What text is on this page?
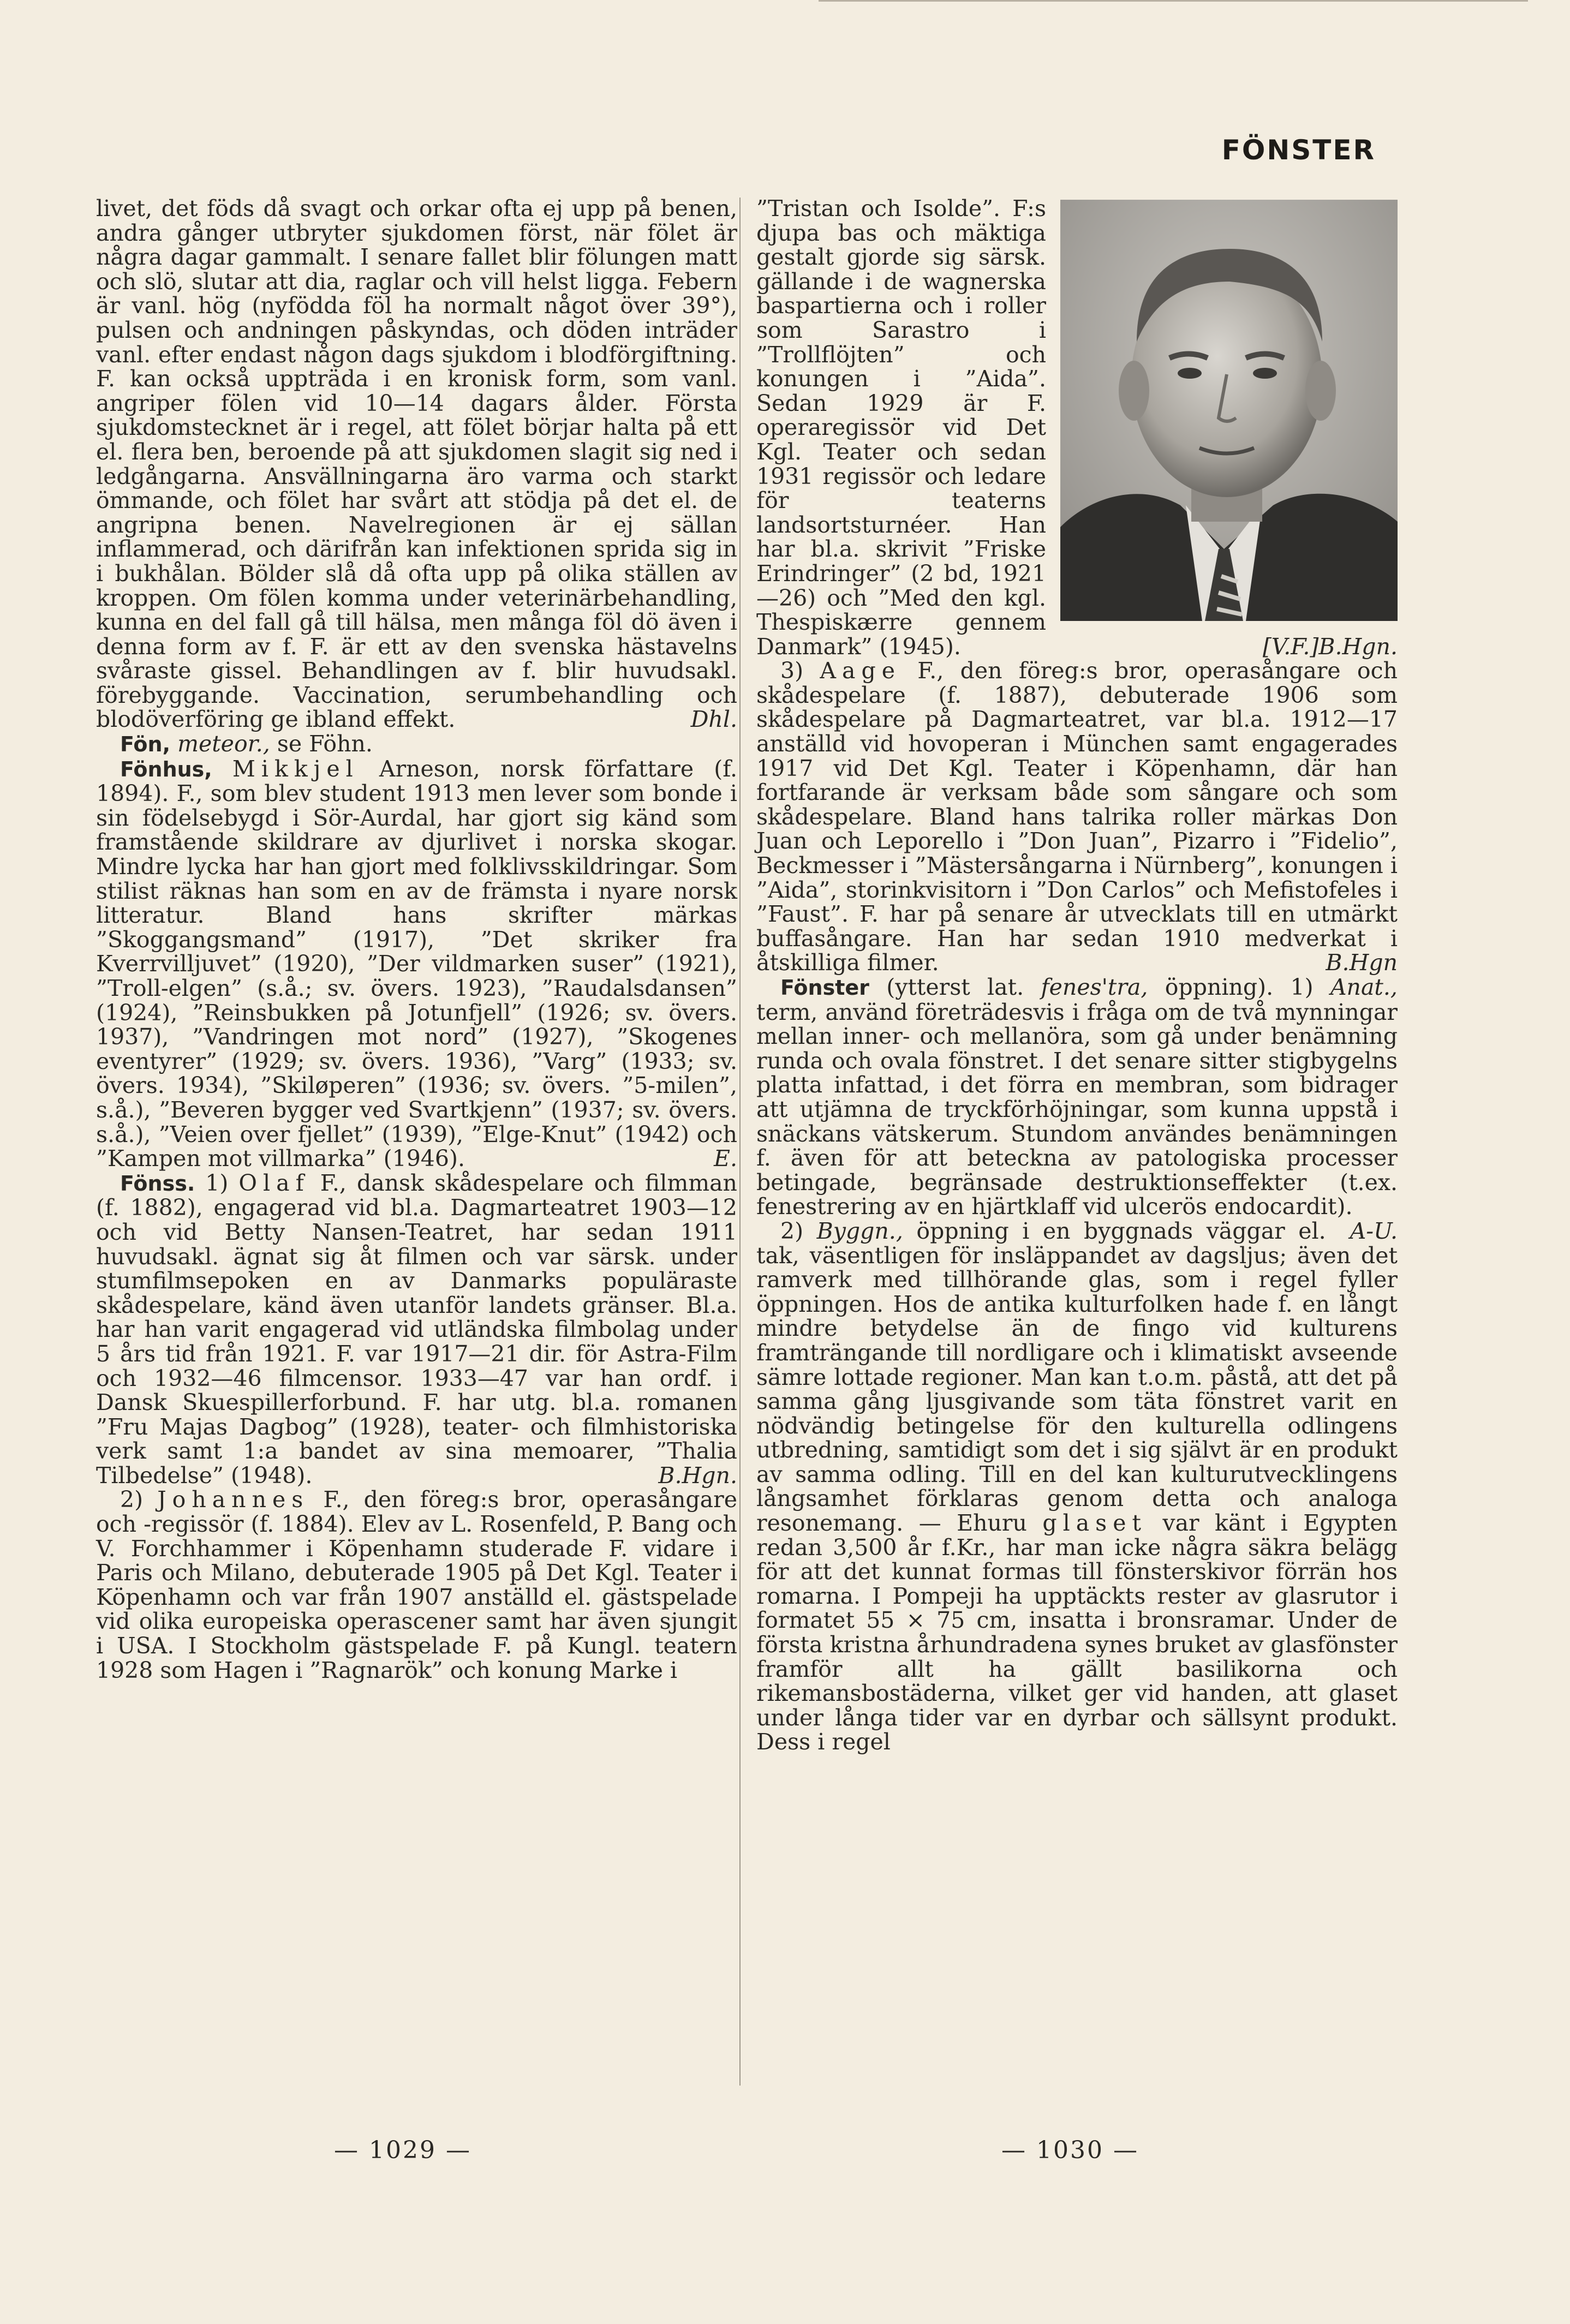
FÖNSTER

livet, det föds då svagt och orkar ofta ej upp på benen, andra gånger utbryter sjukdomen först, när fölet är några dagar gammalt. I senare fallet blir fölungen matt och slö, slutar att dia, raglar och vill helst ligga. Febern är vanl. hög (nyfödda föl ha normalt något över 39°), pulsen och andningen påskyndas, och döden inträder vanl. efter endast någon dags sjukdom i blodförgiftning. F. kan också uppträda i en kronisk form, som vanl. angriper fölen vid 10—14 dagars ålder. Första sjukdomstecknet är i regel, att fölet börjar halta på ett el. flera ben, beroende på att sjukdomen slagit sig ned i ledgångarna. Ansvällningarna äro varma och starkt ömmande, och fölet har svårt att stödja på det el. de angripna benen. Navelregionen är ej sällan inflammerad, och därifrån kan infektionen sprida sig in i bukhålan. Bölder slå då ofta upp på olika ställen av kroppen. Om fölen komma under veterinärbehandling, kunna en del fall gå till hälsa, men många föl dö även i denna form av f. F. är ett av den svenska hästavelns svåraste gissel. Behandlingen av f. blir huvudsakl. förebyggande. Vaccination, serumbehandling och blodöverföring ge ibland effekt.	Dhl.

Fön, meteor., se Föhn.

Fönhus, Mikkjel Arneson, norsk författare (f. 1894). F., som blev student 1913 men lever som bonde i sin födelsebygd i Sör-Aurdal, har gjort sig känd som framstående skildrare av djurlivet i norska skogar. Mindre lycka har han gjort med folklivsskildringar. Som stilist räknas han som en av de främsta i nyare norsk litteratur. Bland hans skrifter märkas ”Skoggangsmand” (1917), ”Det skriker fra Kverrvilljuvet” (1920), ”Der vildmarken suser” (1921), ”Troll-elgen” (s.å.; sv. övers. 1923), ”Raudalsdansen” (1924), ”Reinsbukken på Jotunfjell” (1926; sv. övers. 1937), ”Vandringen mot nord” (1927), ”Skogenes eventyrer” (1929; sv. övers. 1936), ”Varg” (1933; sv. övers. 1934), ”Skiløperen” (1936; sv. övers. ”5-milen”, s.å.), ”Beveren bygger ved Svartkjenn” (1937; sv. övers. s.å.), ”Veien over fjellet” (1939), ”Elge-Knut” (1942) och ”Kampen mot villmarka” (1946).	E.

Fönss. 1) Olaf F., dansk skådespelare och filmman (f. 1882), engagerad vid bl.a. Dagmarteatret 1903—12 och vid Betty Nansen-Teatret, har sedan 1911 huvudsakl. ägnat sig åt filmen och var särsk. under stumfilmsepoken en av Danmarks populäraste skådespelare, känd även utanför landets gränser. Bl.a. har han varit engagerad vid utländska filmbolag under 5 års tid från 1921. F. var 1917—21 dir. för Astra-Film och 1932—46 filmcensor. 1933—47 var han ordf. i Dansk Skuespillerforbund. F. har utg. bl.a. romanen ”Fru Majas Dagbog” (1928), teater- och filmhistoriska verk samt 1:a bandet av sina memoarer, ”Thalia Tilbedelse” (1948).	B.Hgn.

2) Johannes F., den föreg:s bror, operasångare och -regissör (f. 1884). Elev av L. Rosenfeld, P. Bang och V. Forchhammer i Köpenhamn studerade F. vidare i Paris och Milano, debuterade 1905 på Det Kgl. Teater i Köpenhamn och var från 1907 anställd el. gästspelade vid olika europeiska operascener samt har även sjungit i USA. I Stockholm gästspelade F. på Kungl. teatern 1928 som Hagen i ”Ragnarök” och konung Marke i

”Tristan och Isolde”. F:s djupa bas och mäktiga gestalt gjorde sig särsk. gällande i de wagnerska baspartierna och i roller som Sarastro i ”Trollflöjten” och konungen i ”Aida”. Sedan 1929 är F. operaregissör vid Det Kgl. Teater och sedan 1931 regissör och ledare för teaterns landsortsturnéer. Han har bl.a. skrivit ”Friske Erindringer” (2 bd, 1921—26) och ”Med den kgl. Thespiskærre gennem Danmark” (1945).	[V.F.]B.Hgn.

3) Aage F., den föreg:s bror, operasångare och skådespelare (f. 1887), debuterade 1906 som skådespelare på Dagmarteatret, var bl.a. 1912—17 anställd vid hovoperan i München samt engagerades 1917 vid Det Kgl. Teater i Köpenhamn, där han fortfarande är verksam både som sångare och som skådespelare. Bland hans talrika roller märkas Don Juan och Leporello i ”Don Juan”, Pizarro i ”Fidelio”, Beckmesser i ”Mästersångarna i Nürnberg”, konungen i ”Aida”, storinkvisitorn i ”Don Carlos” och Mefistofeles i ”Faust”. F. har på senare år utvecklats till en utmärkt buffasångare. Han har sedan 1910 medverkat i åtskilliga filmer.	B.Hgn

Fönster (ytterst lat. fenes'tra, öppning). 1) Anat., term, använd företrädesvis i fråga om de två mynningar mellan inner- och mellanöra, som gå under benämning runda och ovala fönstret. I det senare sitter stigbygelns platta infattad, i det förra en membran, som bidrager att utjämna de tryckförhöjningar, som kunna uppstå i snäckans vätskerum. Stundom användes benämningen f. även för att beteckna av patologiska processer betingade, begränsade destruktionseffekter (t.ex. fenestrering av en hjärtklaff vid ulcerös endocardit).
A-U.

2) Byggn., öppning i en byggnads väggar el. tak, väsentligen för insläppandet av dagsljus; även det ramverk med tillhörande glas, som i regel fyller öppningen. Hos de antika kulturfolken hade f. en långt mindre betydelse än de fingo vid kulturens framträngande till nordligare och i klimatiskt avseende sämre lottade regioner. Man kan t.o.m. påstå, att det på samma gång ljusgivande som täta fönstret varit en nödvändig betingelse för den kulturella odlingens utbredning, samtidigt som det i sig självt är en produkt av samma odling. Till en del kan kulturutvecklingens långsamhet förklaras genom detta och analoga resonemang. — Ehuru glaset var känt i Egypten redan 3,500 år f.Kr., har man icke några säkra belägg för att det kunnat formas till fönsterskivor förrän hos romarna. I Pompeji ha upptäckts rester av glasrutor i formatet 55 × 75 cm, insatta i bronsramar. Under de första kristna århundradena synes bruket av glasfönster framför allt ha gällt basilikorna och rikemansbostäderna, vilket ger vid handen, att glaset under långa tider var en dyrbar och sällsynt produkt. Dess i regel

— 1029 —	— 1030 —
